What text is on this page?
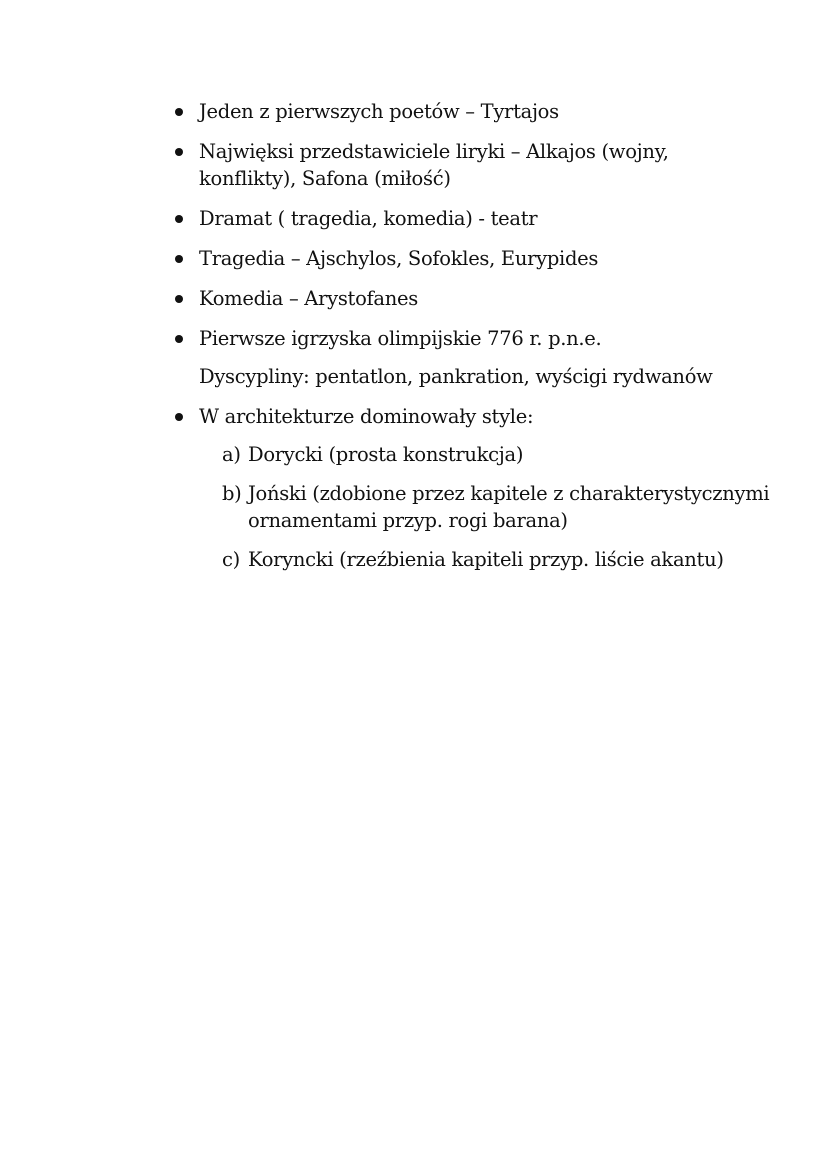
Jeden z pierwszych poetów – Tyrtajos
Najwięksi przedstawiciele liryki – Alkajos (wojny, konflikty), Safona (miłość)
Dramat ( tragedia, komedia) - teatr
Tragedia – Ajschylos, Sofokles, Eurypides
Komedia – Arystofanes
Pierwsze igrzyska olimpijskie 776 r. p.n.e.
Dyscypliny: pentatlon, pankration, wyścigi rydwanów
W architekturze dominowały style:
a) Dorycki (prosta konstrukcja)
b) Joński (zdobione przez kapitele z charakterystycznymi ornamentami przyp. rogi barana)
c) Koryncki (rzeźbienia kapiteli przyp. liście akantu)
